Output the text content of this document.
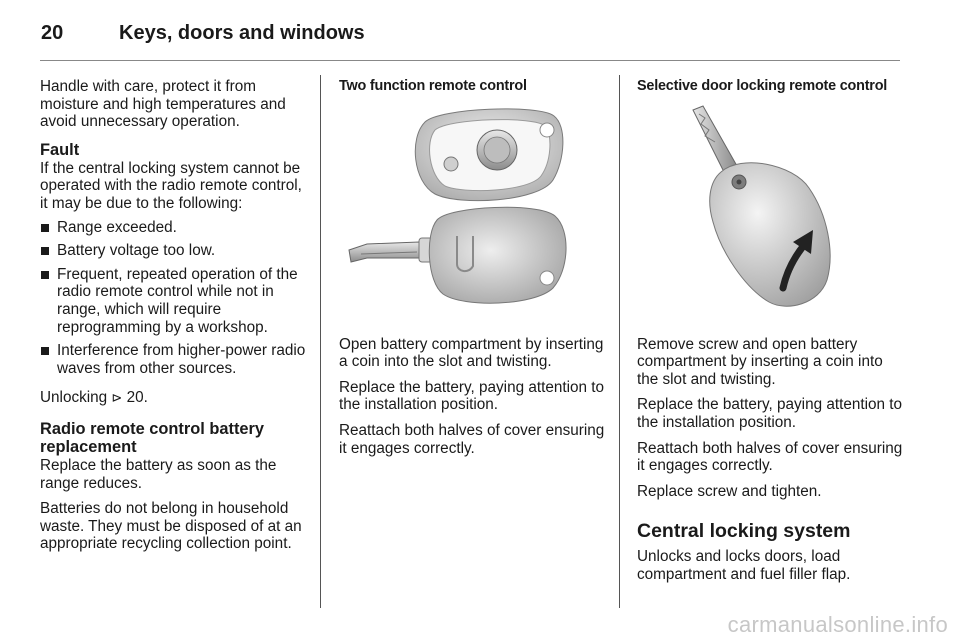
20	Keys, doors and windows

Handle with care, protect it from moisture and high temperatures and avoid unnecessary operation.

Fault

If the central locking system cannot be operated with the radio remote control, it may be due to the following:

Range exceeded.
Battery voltage too low.
Frequent, repeated operation of the radio remote control while not in range, which will require reprogramming by a workshop.
Interference from higher-power radio waves from other sources.

Unlocking ⊳ 20.

Radio remote control battery replacement

Replace the battery as soon as the range reduces.

Batteries do not belong in household waste. They must be disposed of at an appropriate recycling collection point.

Two function remote control

Open battery compartment by inserting a coin into the slot and twisting.

Replace the battery, paying attention to the installation position.

Reattach both halves of cover ensuring it engages correctly.

Selective door locking remote control

Remove screw and open battery compartment by inserting a coin into the slot and twisting.

Replace the battery, paying attention to the installation position.

Reattach both halves of cover ensuring it engages correctly.

Replace screw and tighten.

Central locking system

Unlocks and locks doors, load compartment and fuel filler flap.

carmanualsonline.info
